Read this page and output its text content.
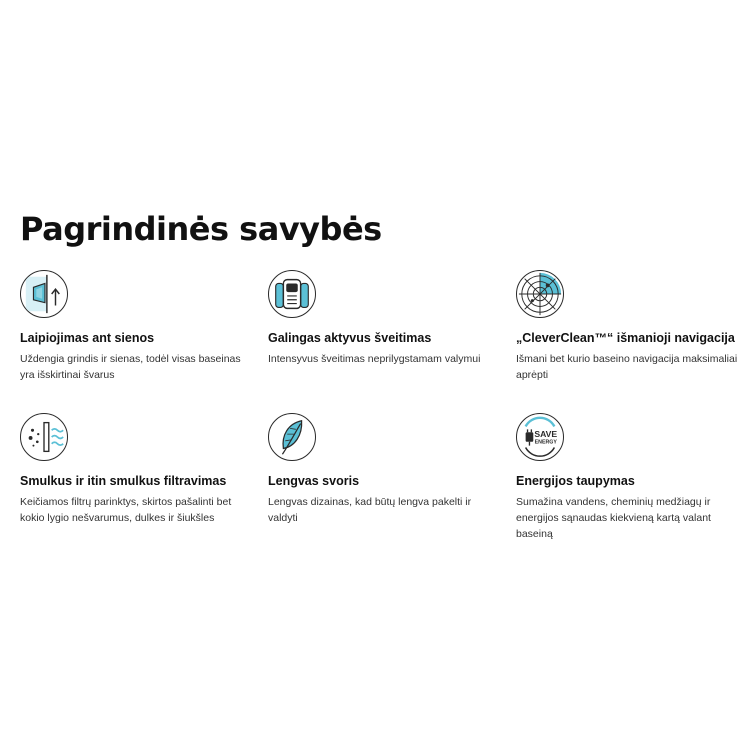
Pagrindinės savybės
Laipiojimas ant sienos
Uždengia grindis ir sienas, todėl visas baseinas yra išskirtinai švarus
Galingas aktyvus šveitimas
Intensyvus šveitimas neprilygstamam valymui
„CleverClean™“ išmanioji navigacija
Išmani bet kurio baseino navigacija maksimaliai aprėpti
Smulkus ir itin smulkus filtravimas
Keičiamos filtrų parinktys, skirtos pašalinti bet kokio lygio nešvarumus, dulkes ir šiukšles
Lengvas svoris
Lengvas dizainas, kad būtų lengva pakelti ir valdyti
SAVE
ENERGY
Energijos taupymas
Sumažina vandens, cheminių medžiagų ir energijos sąnaudas kiekvieną kartą valant baseiną
